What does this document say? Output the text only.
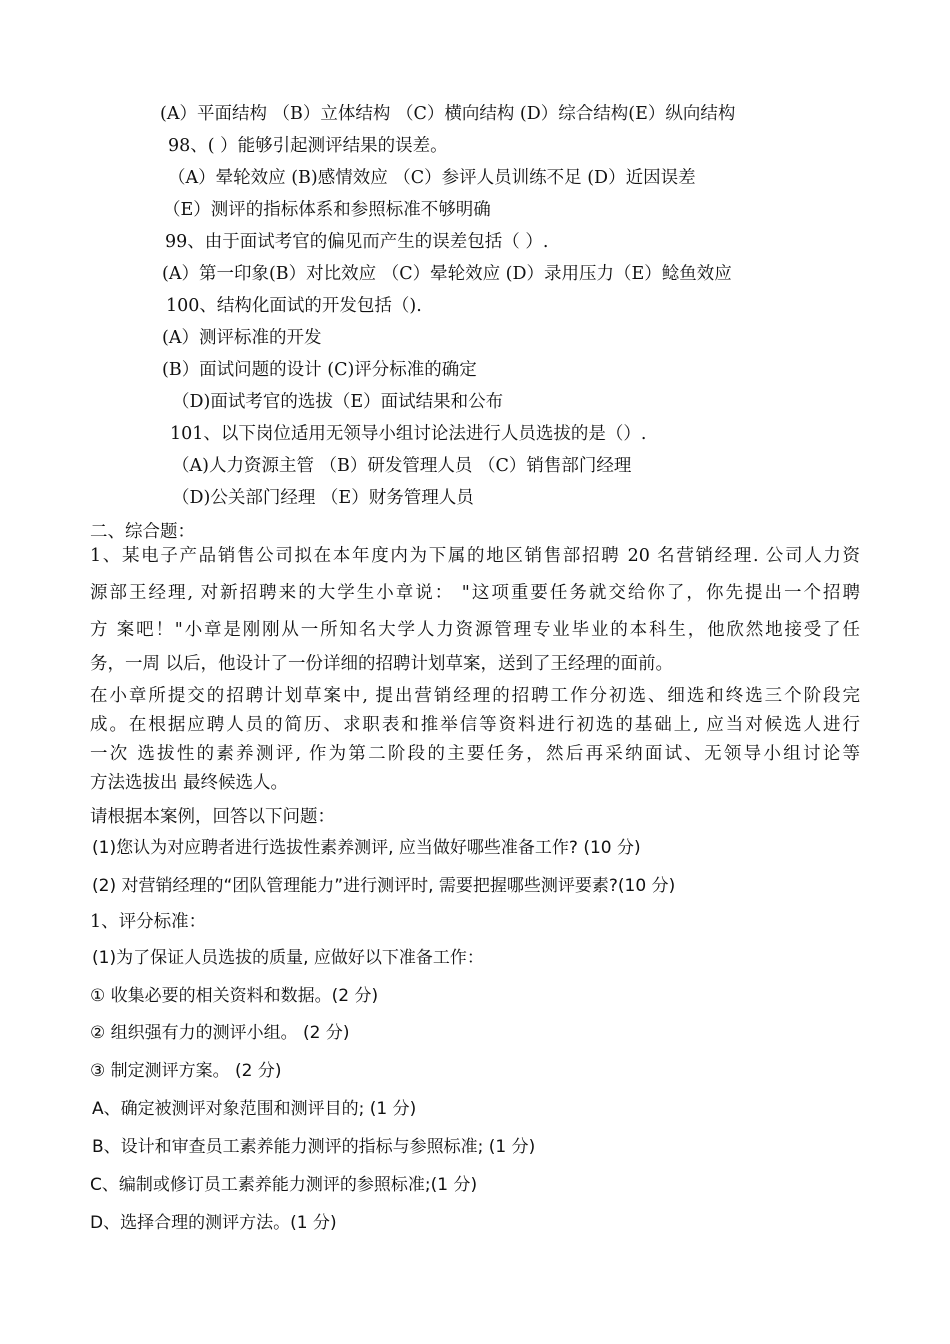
(A）平面结构 （B）立体结构 （C）横向结构 (D）综合结构(E）纵向结构
98、( ）能够引起测评结果的误差。
（A）晕轮效应 (B)感情效应 （C）参评人员训练不足 (D）近因误差
（E）测评的指标体系和参照标准不够明确
99、由于面试考官的偏见而产生的误差包括（ ）.
(A）第一印象(B）对比效应 （C）晕轮效应 (D）录用压力（E）鲶鱼效应
100、结构化面试的开发包括（).
(A）测评标准的开发
(B）面试问题的设计 (C)评分标准的确定
（D)面试考官的选拔（E）面试结果和公布
101、以下岗位适用无领导小组讨论法进行人员选拔的是（）.
（A)人力资源主管 （B）研发管理人员 （C）销售部门经理
（D)公关部门经理 （E）财务管理人员
二、综合题：
1、某电子产品销售公司拟在本年度内为下属的地区销售部招聘 20 名营销经理. 公司人力资
源部王经理, 对新招聘来的大学生小章说： "这项重要任务就交给你了，你先提出一个招聘
方 案吧！"小章是刚刚从一所知名大学人力资源管理专业毕业的本科生，他欣然地接受了任
务，一周 以后，他设计了一份详细的招聘计划草案，送到了王经理的面前。
在小章所提交的招聘计划草案中, 提出营销经理的招聘工作分初选、细选和终选三个阶段完
成。在根据应聘人员的简历、求职表和推举信等资料进行初选的基础上, 应当对候选人进行
一次 选拔性的素养测评, 作为第二阶段的主要任务，然后再采纳面试、无领导小组讨论等
方法选拔出 最终候选人。
请根据本案例，回答以下问题：
(1)您认为对应聘者进行选拔性素养测评, 应当做好哪些准备工作? (10 分)
(2) 对营销经理的“团队管理能力”进行测评时, 需要把握哪些测评要素?(10 分)
1、评分标准：
(1)为了保证人员选拔的质量, 应做好以下准备工作：
① 收集必要的相关资料和数据。(2 分)
② 组织强有力的测评小组。 (2 分)
③ 制定测评方案。 (2 分)
A、确定被测评对象范围和测评目的; (1 分)
B、设计和审查员工素养能力测评的指标与参照标准; (1 分)
C、编制或修订员工素养能力测评的参照标准;(1 分)
D、选择合理的测评方法。(1 分)
